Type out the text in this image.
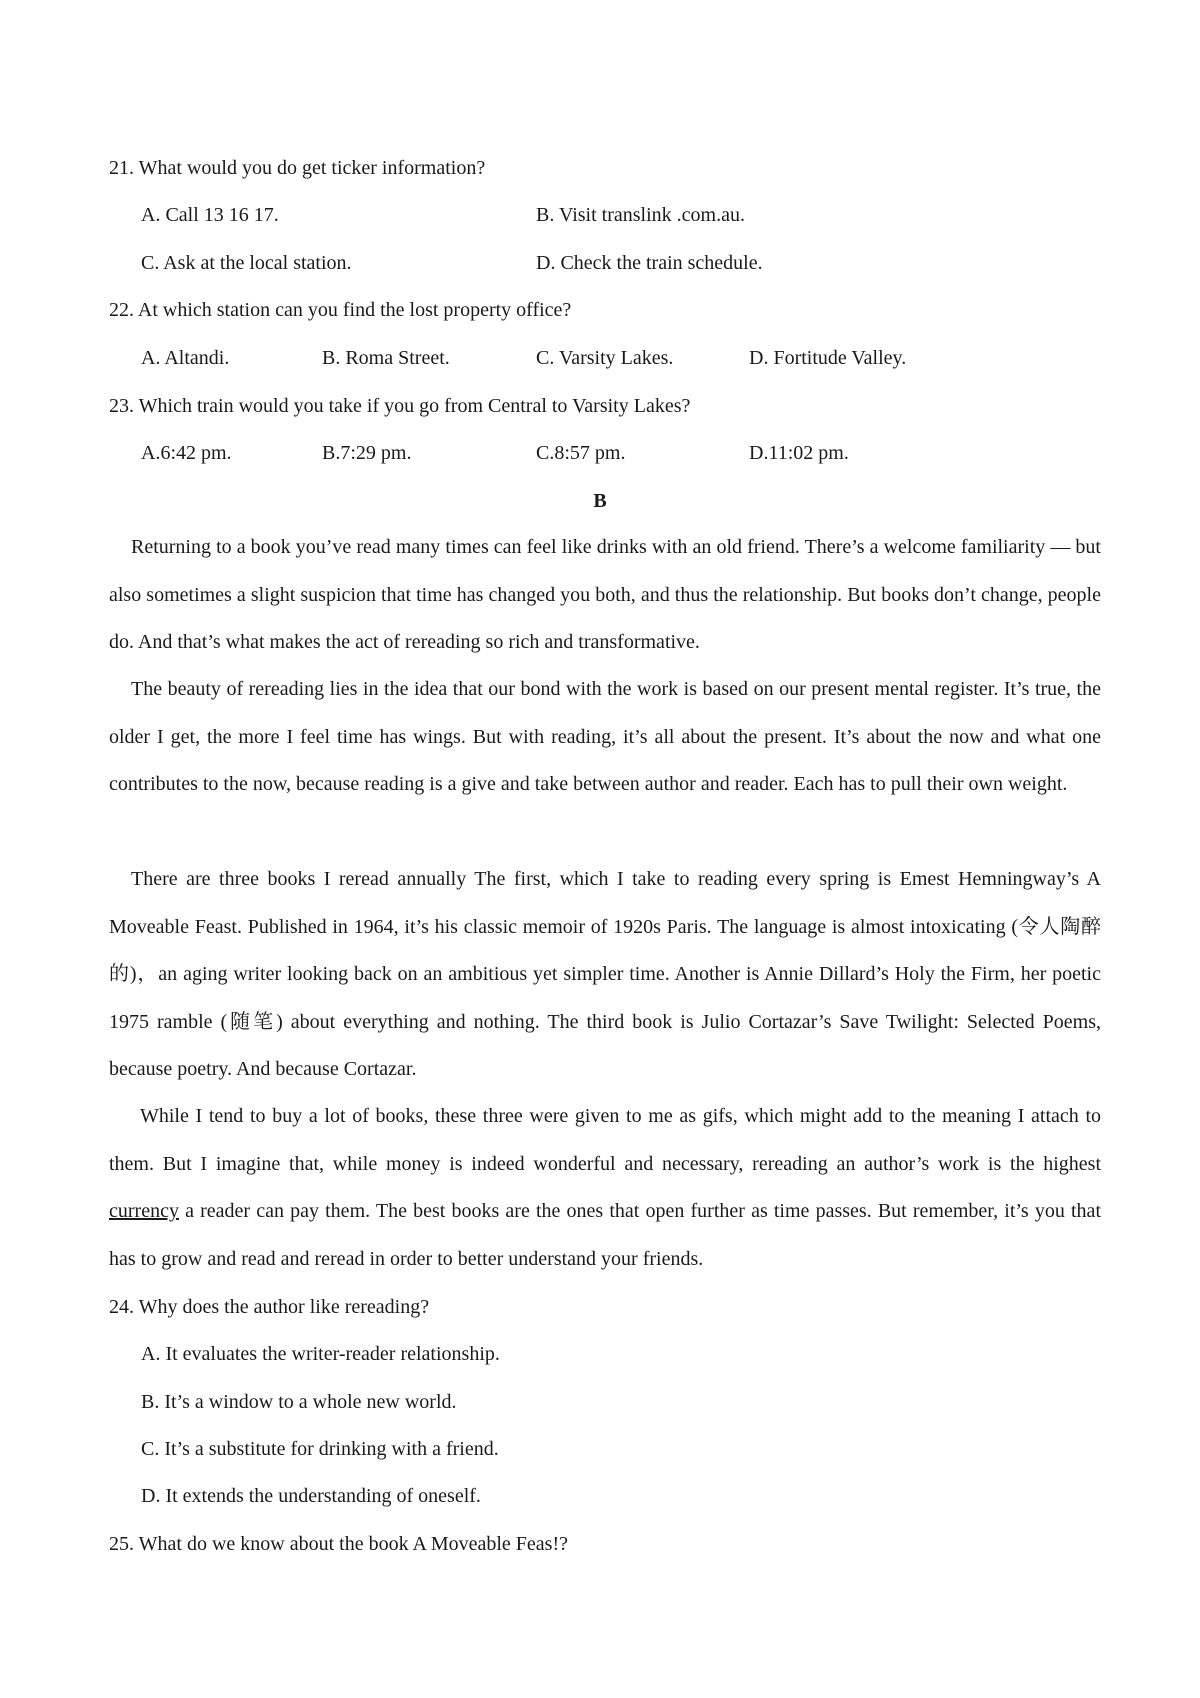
21. What would you do get ticker information?
A. Call 13 16 17.	B. Visit translink .com.au.
C. Ask at the local station.	D. Check the train schedule.
22. At which station can you find the lost property office?
A. Altandi.	B. Roma Street.	C. Varsity Lakes.	D. Fortitude Valley.
23. Which train would you take if you go from Central to Varsity Lakes?
A.6:42 pm.	B.7:29 pm.	C.8:57 pm.	D.11:02 pm.
B
Returning to a book you’ve read many times can feel like drinks with an old friend. There’s a welcome familiarity — but also sometimes a slight suspicion that time has changed you both, and thus the relationship. But books don’t change, people do. And that’s what makes the act of rereading so rich and transformative.
The beauty of rereading lies in the idea that our bond with the work is based on our present mental register. It’s true, the older I get, the more I feel time has wings. But with reading, it’s all about the present. It’s about the now and what one contributes to the now, because reading is a give and take between author and reader. Each has to pull their own weight.
There are three books I reread annually The first, which I take to reading every spring is Emest Hemningway’s A Moveable Feast. Published in 1964, it’s his classic memoir of 1920s Paris. The language is almost intoxicating (令人陶醉的)，an aging writer looking back on an ambitious yet simpler time. Another is Annie Dillard’s Holy the Firm, her poetic 1975 ramble (随笔) about everything and nothing. The third book is Julio Cortazar’s Save Twilight: Selected Poems, because poetry. And because Cortazar.
While I tend to buy a lot of books, these three were given to me as gifs, which might add to the meaning I attach to them. But I imagine that, while money is indeed wonderful and necessary, rereading an author’s work is the highest currency a reader can pay them. The best books are the ones that open further as time passes. But remember, it’s you that has to grow and read and reread in order to better understand your friends.
24. Why does the author like rereading?
A. It evaluates the writer-reader relationship.
B. It’s a window to a whole new world.
C. It’s a substitute for drinking with a friend.
D. It extends the understanding of oneself.
25. What do we know about the book A Moveable Feas!?
